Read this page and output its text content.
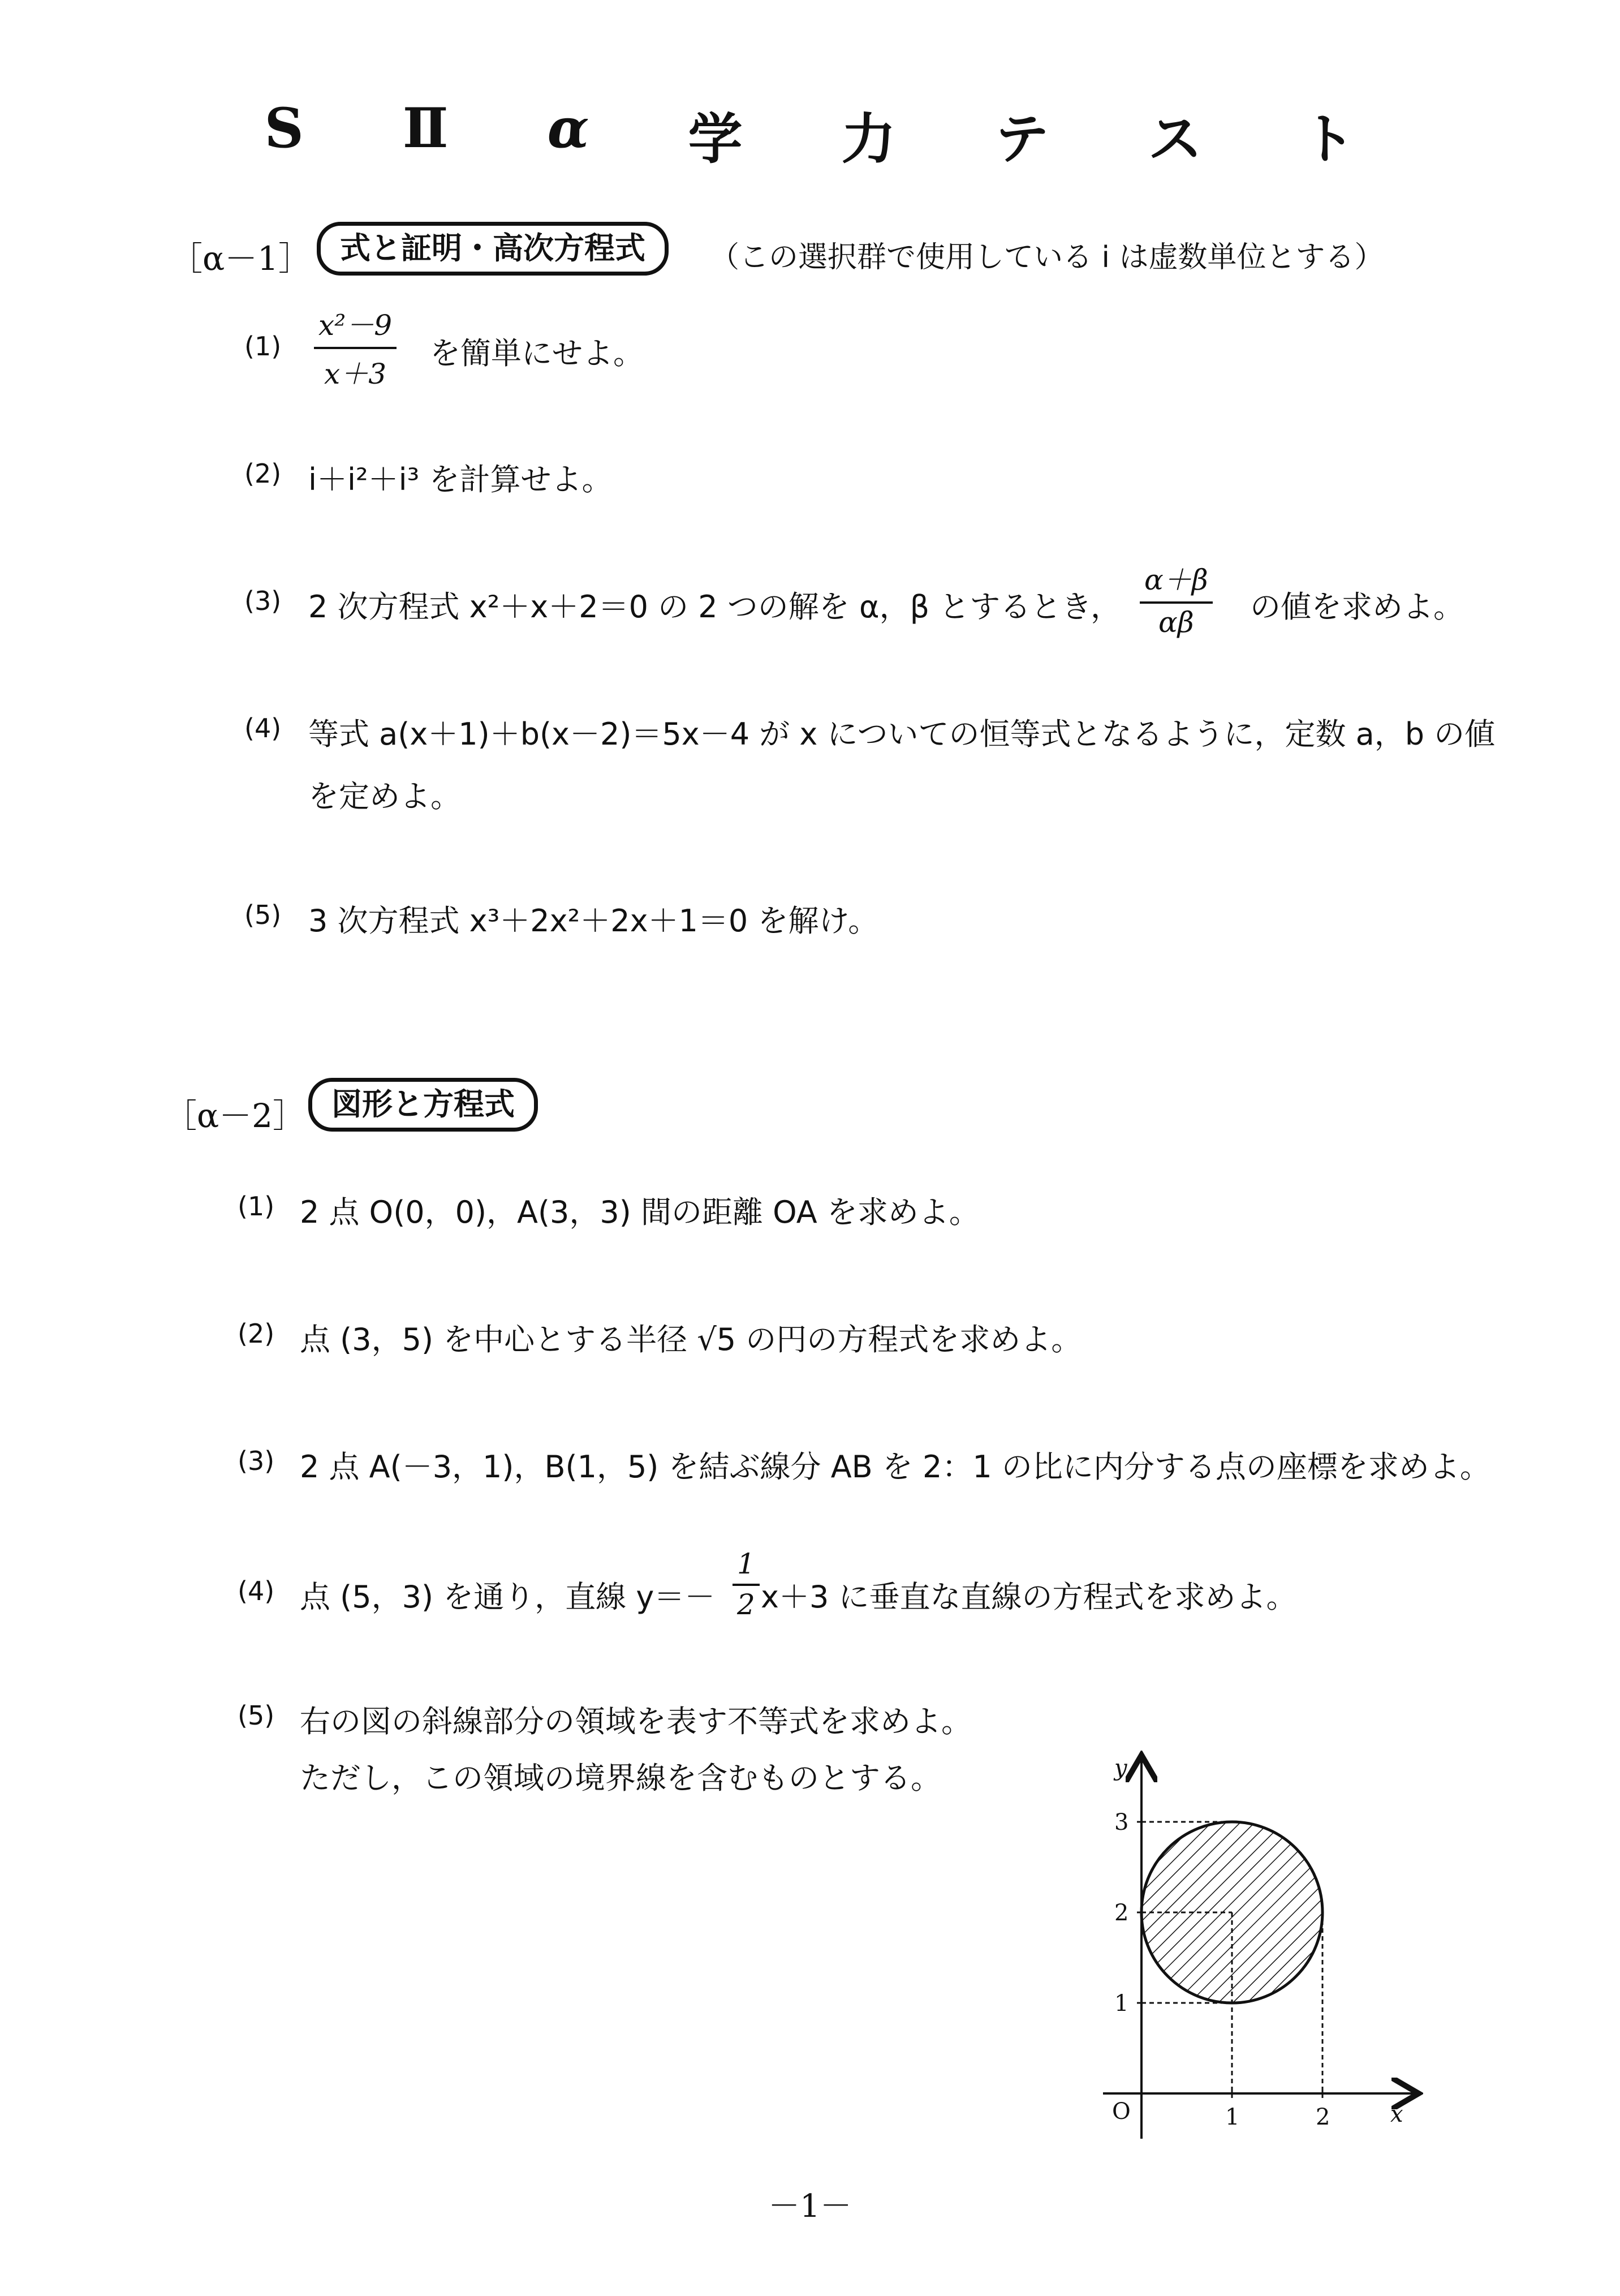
S Ⅱ α 学 力 テ ス ト
［α－1］ 式と証明・高次方程式	（この選択群で使用している i は虚数単位とする）
$(1) \frac{\text{x²－9}}{x+3}$ を簡単にせよ。
(2) i＋i²＋i³ を計算せよ。
(3) 2 次方程式 x²＋x＋2＝0 の 2 つの解を α，β とするとき， $\frac{\alpha+\beta}{\alpha\beta}$ の値を求めよ。
(4) 等式 a(x＋1)＋b(x－2)＝5x－4 が x についての恒等式となるように，定数 a，b の値
を定めよ。
(5) 3 次方程式 x³＋2x²＋2x＋1＝0 を解け。
［α－2］ 図形と方程式
(1) 2 点 O(0，0)，A(3，3) 間の距離 OA を求めよ。
(2) 点 (3，5) を中心とする半径 √5 の円の方程式を求めよ。
(3) 2 点 A(－3，1)，B(1，5) を結ぶ線分 AB を 2：1 の比に内分する点の座標を求めよ。
(4) 点 (5，3) を通り，直線 $y=- \frac{1}{2} x+3$ に垂直な直線の方程式を求めよ。
(5) 右の図の斜線部分の領域を表す不等式を求めよ。
ただし，この領域の境界線を含むものとする。	y
x
O	1	2
1
2
3
－1－
